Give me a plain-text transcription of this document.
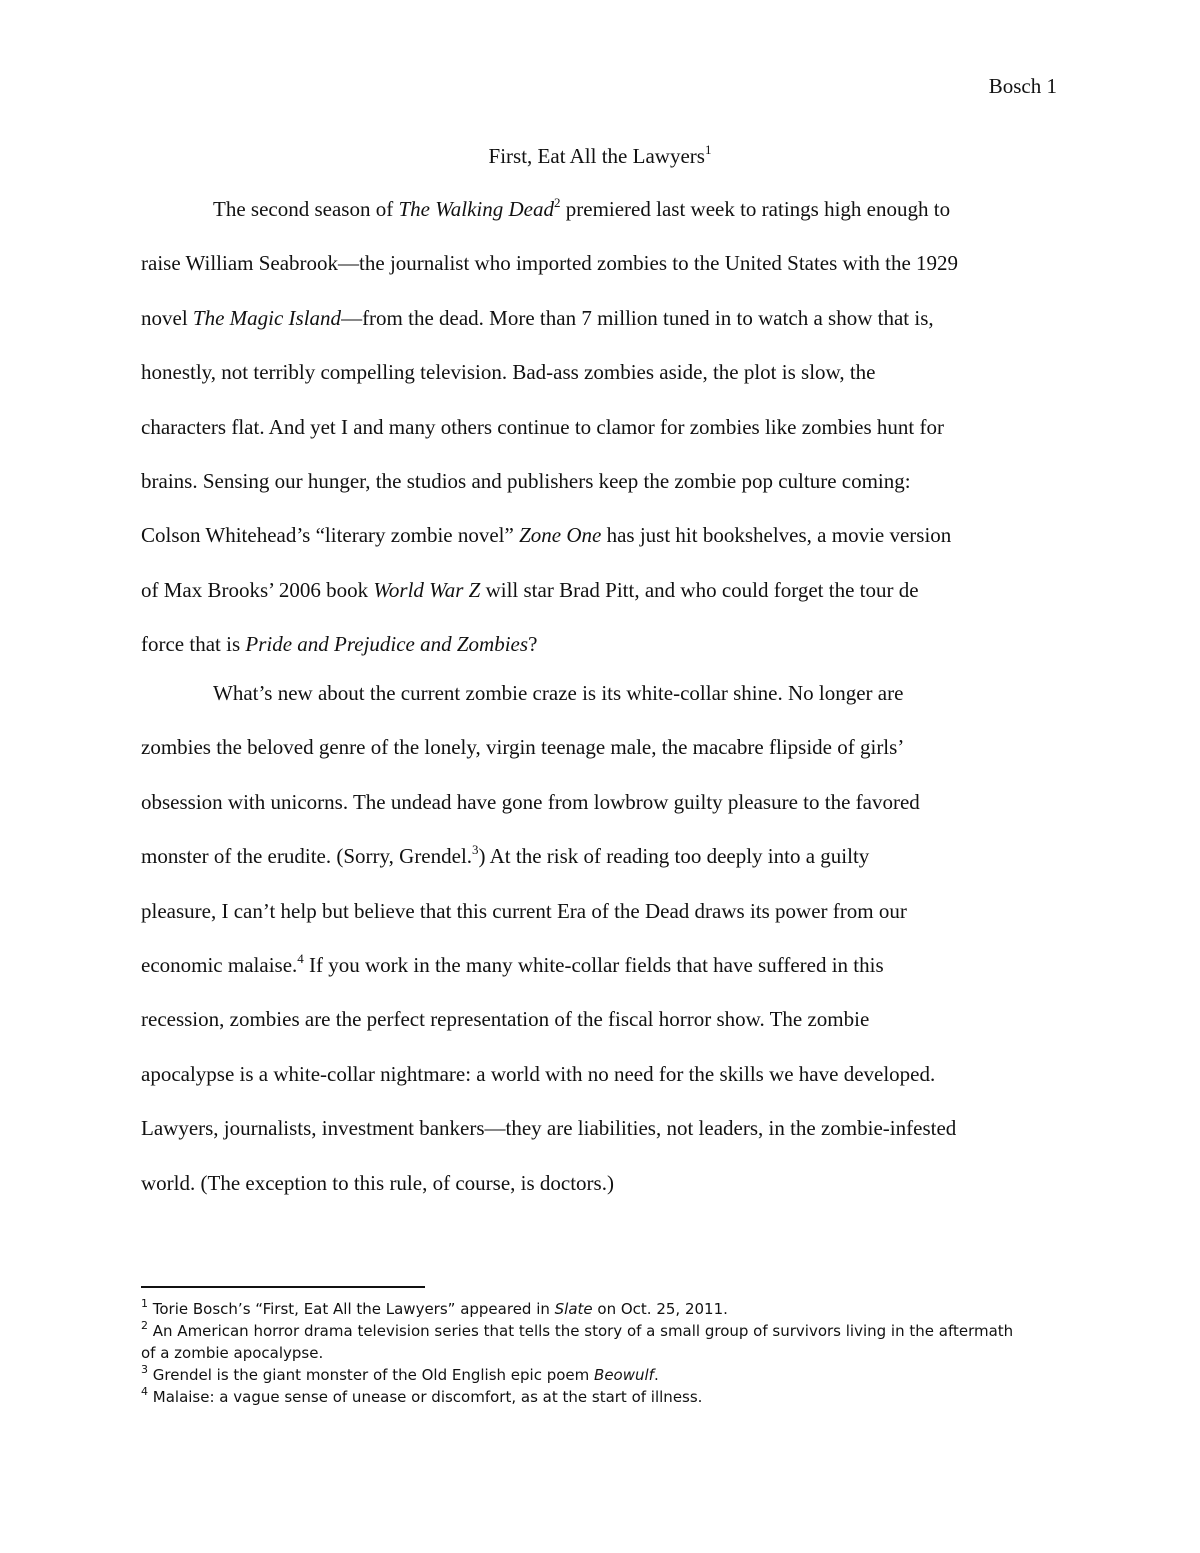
Bosch 1
First, Eat All the Lawyers$^1$

The second season of The Walking Dead$^2$ premiered last week to ratings high enough to
raise William Seabrook—the journalist who imported zombies to the United States with the 1929
novel The Magic Island—from the dead. More than 7 million tuned in to watch a show that is,
honestly, not terribly compelling television. Bad-ass zombies aside, the plot is slow, the
characters flat. And yet I and many others continue to clamor for zombies like zombies hunt for
brains. Sensing our hunger, the studios and publishers keep the zombie pop culture coming:
Colson Whitehead’s “literary zombie novel” Zone One has just hit bookshelves, a movie version
of Max Brooks’ 2006 book World War Z will star Brad Pitt, and who could forget the tour de
force that is Pride and Prejudice and Zombies?

What’s new about the current zombie craze is its white-collar shine. No longer are
zombies the beloved genre of the lonely, virgin teenage male, the macabre flipside of girls’
obsession with unicorns. The undead have gone from lowbrow guilty pleasure to the favored
monster of the erudite. (Sorry, Grendel.$^3$) At the risk of reading too deeply into a guilty
pleasure, I can’t help but believe that this current Era of the Dead draws its power from our
economic malaise.$^4$ If you work in the many white-collar fields that have suffered in this
recession, zombies are the perfect representation of the fiscal horror show. The zombie
apocalypse is a white-collar nightmare: a world with no need for the skills we have developed.
Lawyers, journalists, investment bankers—they are liabilities, not leaders, in the zombie-infested
world. (The exception to this rule, of course, is doctors.)

$^1$ Torie Bosch’s “First, Eat All the Lawyers” appeared in Slate on Oct. 25, 2011.

$^2$ An American horror drama television series that tells the story of a small group of survivors living in the aftermath
of a zombie apocalypse.

$^3$ Grendel is the giant monster of the Old English epic poem Beowulf.

$^4$ Malaise: a vague sense of unease or discomfort, as at the start of illness.
